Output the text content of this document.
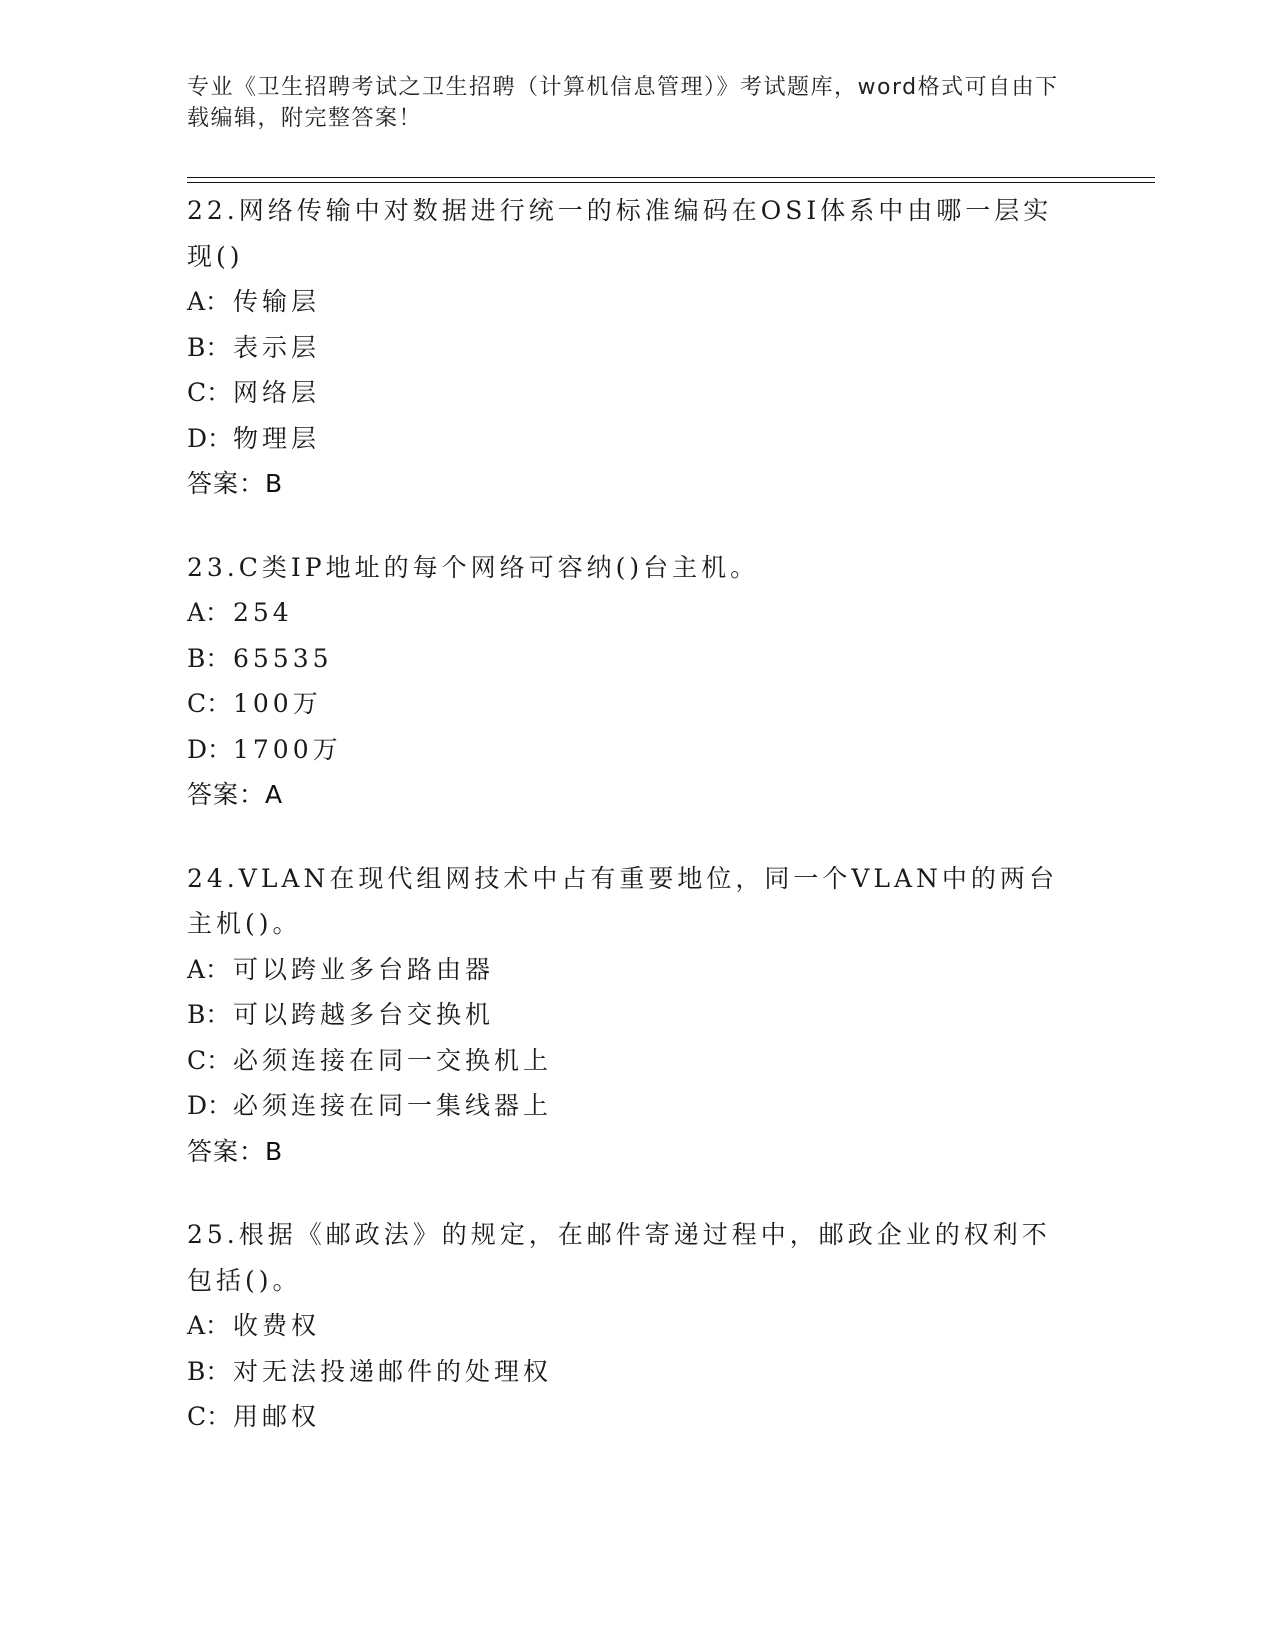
专业《卫生招聘考试之卫生招聘（计算机信息管理）》考试题库，word格式可自由下载编辑，附完整答案！

22.网络传输中对数据进行统一的标准编码在OSI体系中由哪一层实现()

A： 传输层

B： 表示层

C：网络层

D：物理层

答案：B

23.C类IP地址的每个网络可容纳()台主机。

A： 254

B： 65535

C：100万

D：1700万

答案：A

24.VLAN在现代组网技术中占有重要地位，同一个VLAN中的两台主机()。

A： 可以跨业多台路由器

B： 可以跨越多台交换机

C：必须连接在同一交换机上

D：必须连接在同一集线器上

答案：B

25.根据《邮政法》的规定，在邮件寄递过程中，邮政企业的权利不包括()。

A： 收费权

B： 对无法投递邮件的处理权

C：用邮权
